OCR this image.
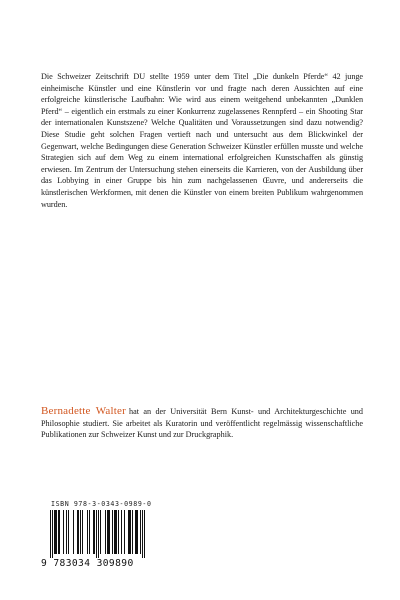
Die Schweizer Zeitschrift DU stellte 1959 unter dem Titel „Die dunkeln Pferde“ 42 junge einheimische Künstler und eine Künstlerin vor und fragte nach deren Aussichten auf eine erfolgreiche künstlerische Laufbahn: Wie wird aus einem weitgehend unbekannten „Dunklen Pferd“ – eigentlich ein erstmals zu einer Konkurrenz zugelassenes Rennpferd – ein Shooting Star der internationalen Kunstszene? Welche Qualitäten und Voraussetzungen sind dazu notwendig? Diese Studie geht solchen Fragen vertieft nach und untersucht aus dem Blickwinkel der Gegenwart, welche Bedingungen diese Generation Schweizer Künstler erfüllen musste und welche Strategien sich auf dem Weg zu einem international erfolgreichen Kunstschaffen als günstig erwiesen. Im Zentrum der Untersuchung stehen einerseits die Karrieren, von der Ausbildung über das Lobbying in einer Gruppe bis hin zum nachgelassenen Œuvre, und andererseits die künstlerischen Werkformen, mit denen die Künstler von einem breiten Publikum wahrgenommen wurden.

Bernadette Walter hat an der Universität Bern Kunst- und Architekturgeschichte und Philosophie studiert. Sie arbeitet als Kuratorin und veröffentlicht regelmässig wissenschaftliche Publikationen zur Schweizer Kunst und zur Druckgraphik.

ISBN 978-3-0343-0989-0
9 783034 309890
